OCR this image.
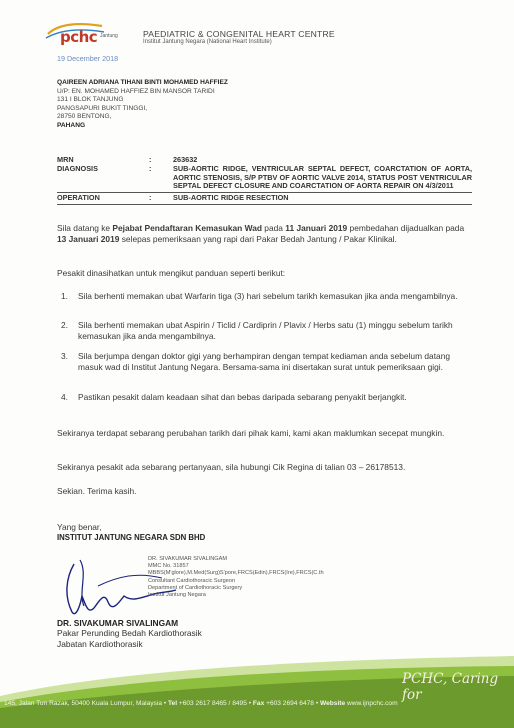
pchc Jantung	PAEDIATRIC & CONGENITAL HEART CENTRE
Institut Jantung Negara (National Heart Institute)
19 December 2018
QAIREEN ADRIANA TIHANI BINTI MOHAMED HAFFIEZ
U/P: EN. MOHAMED HAFFIEZ BIN MANSOR TARIDI
131 I BLOK TANJUNG
PANGSAPURI BUKIT TINGGI,
28750 BENTONG,
PAHANG
MRN	:	263632
DIAGNOSIS	:	SUB-AORTIC RIDGE, VENTRICULAR SEPTAL DEFECT, COARCTATION OF AORTA, AORTIC STENOSIS, S/P PTBV OF AORTIC VALVE 2014, STATUS POST VENTRICULAR SEPTAL DEFECT CLOSURE AND COARCTATION OF AORTA REPAIR ON 4/3/2011
OPERATION	:	SUB-AORTIC RIDGE RESECTION
Sila datang ke Pejabat Pendaftaran Kemasukan Wad pada 11 Januari 2019 pembedahan dijadualkan pada 13 Januari 2019 selepas pemeriksaan yang rapi dari Pakar Bedah Jantung / Pakar Klinikal.
Pesakit dinasihatkan untuk mengikut panduan seperti berikut:
1. Sila berhenti memakan ubat Warfarin tiga (3) hari sebelum tarikh kemasukan jika anda mengambilnya.
2. Sila berhenti memakan ubat Aspirin / Ticlid / Cardiprin / Plavix / Herbs satu (1) minggu sebelum tarikh kemasukan jika anda mengambilnya.
3. Sila berjumpa dengan doktor gigi yang berhampiran dengan tempat kediaman anda sebelum datang masuk wad di Institut Jantung Negara. Bersama-sama ini disertakan surat untuk pemeriksaan gigi.
4. Pastikan pesakit dalam keadaan sihat dan bebas daripada sebarang penyakit berjangkit.
Sekiranya terdapat sebarang perubahan tarikh dari pihak kami, kami akan maklumkan secepat mungkin.
Sekiranya pesakit ada sebarang pertanyaan, sila hubungi Cik Regina di talian 03 – 26178513.
Sekian. Terima kasih.
Yang benar,
INSTITUT JANTUNG NEGARA SDN BHD
DR. SIVAKUMAR SIVALINGAM
MMC No. 31857
MBBS(M'glore),M.Med(Surg)S'pore,FRCS(Edin),FRCS(Ire),FRCS(C.th
Consultant Cardiothoracic Surgeon
Department of Cardiothoracic Surgery
Institut Jantung Negara
DR. SIVAKUMAR SIVALINGAM
Pakar Perunding Bedah Kardiothorasik
Jabatan Kardiothorasik
PCHC, Caring for
145, Jalan Tun Razak, 50400 Kuala Lumpur, Malaysia • Tel +603 2617 8465 / 8495 • Fax +603 2694 6478 • Website www.ijnpchc.com
